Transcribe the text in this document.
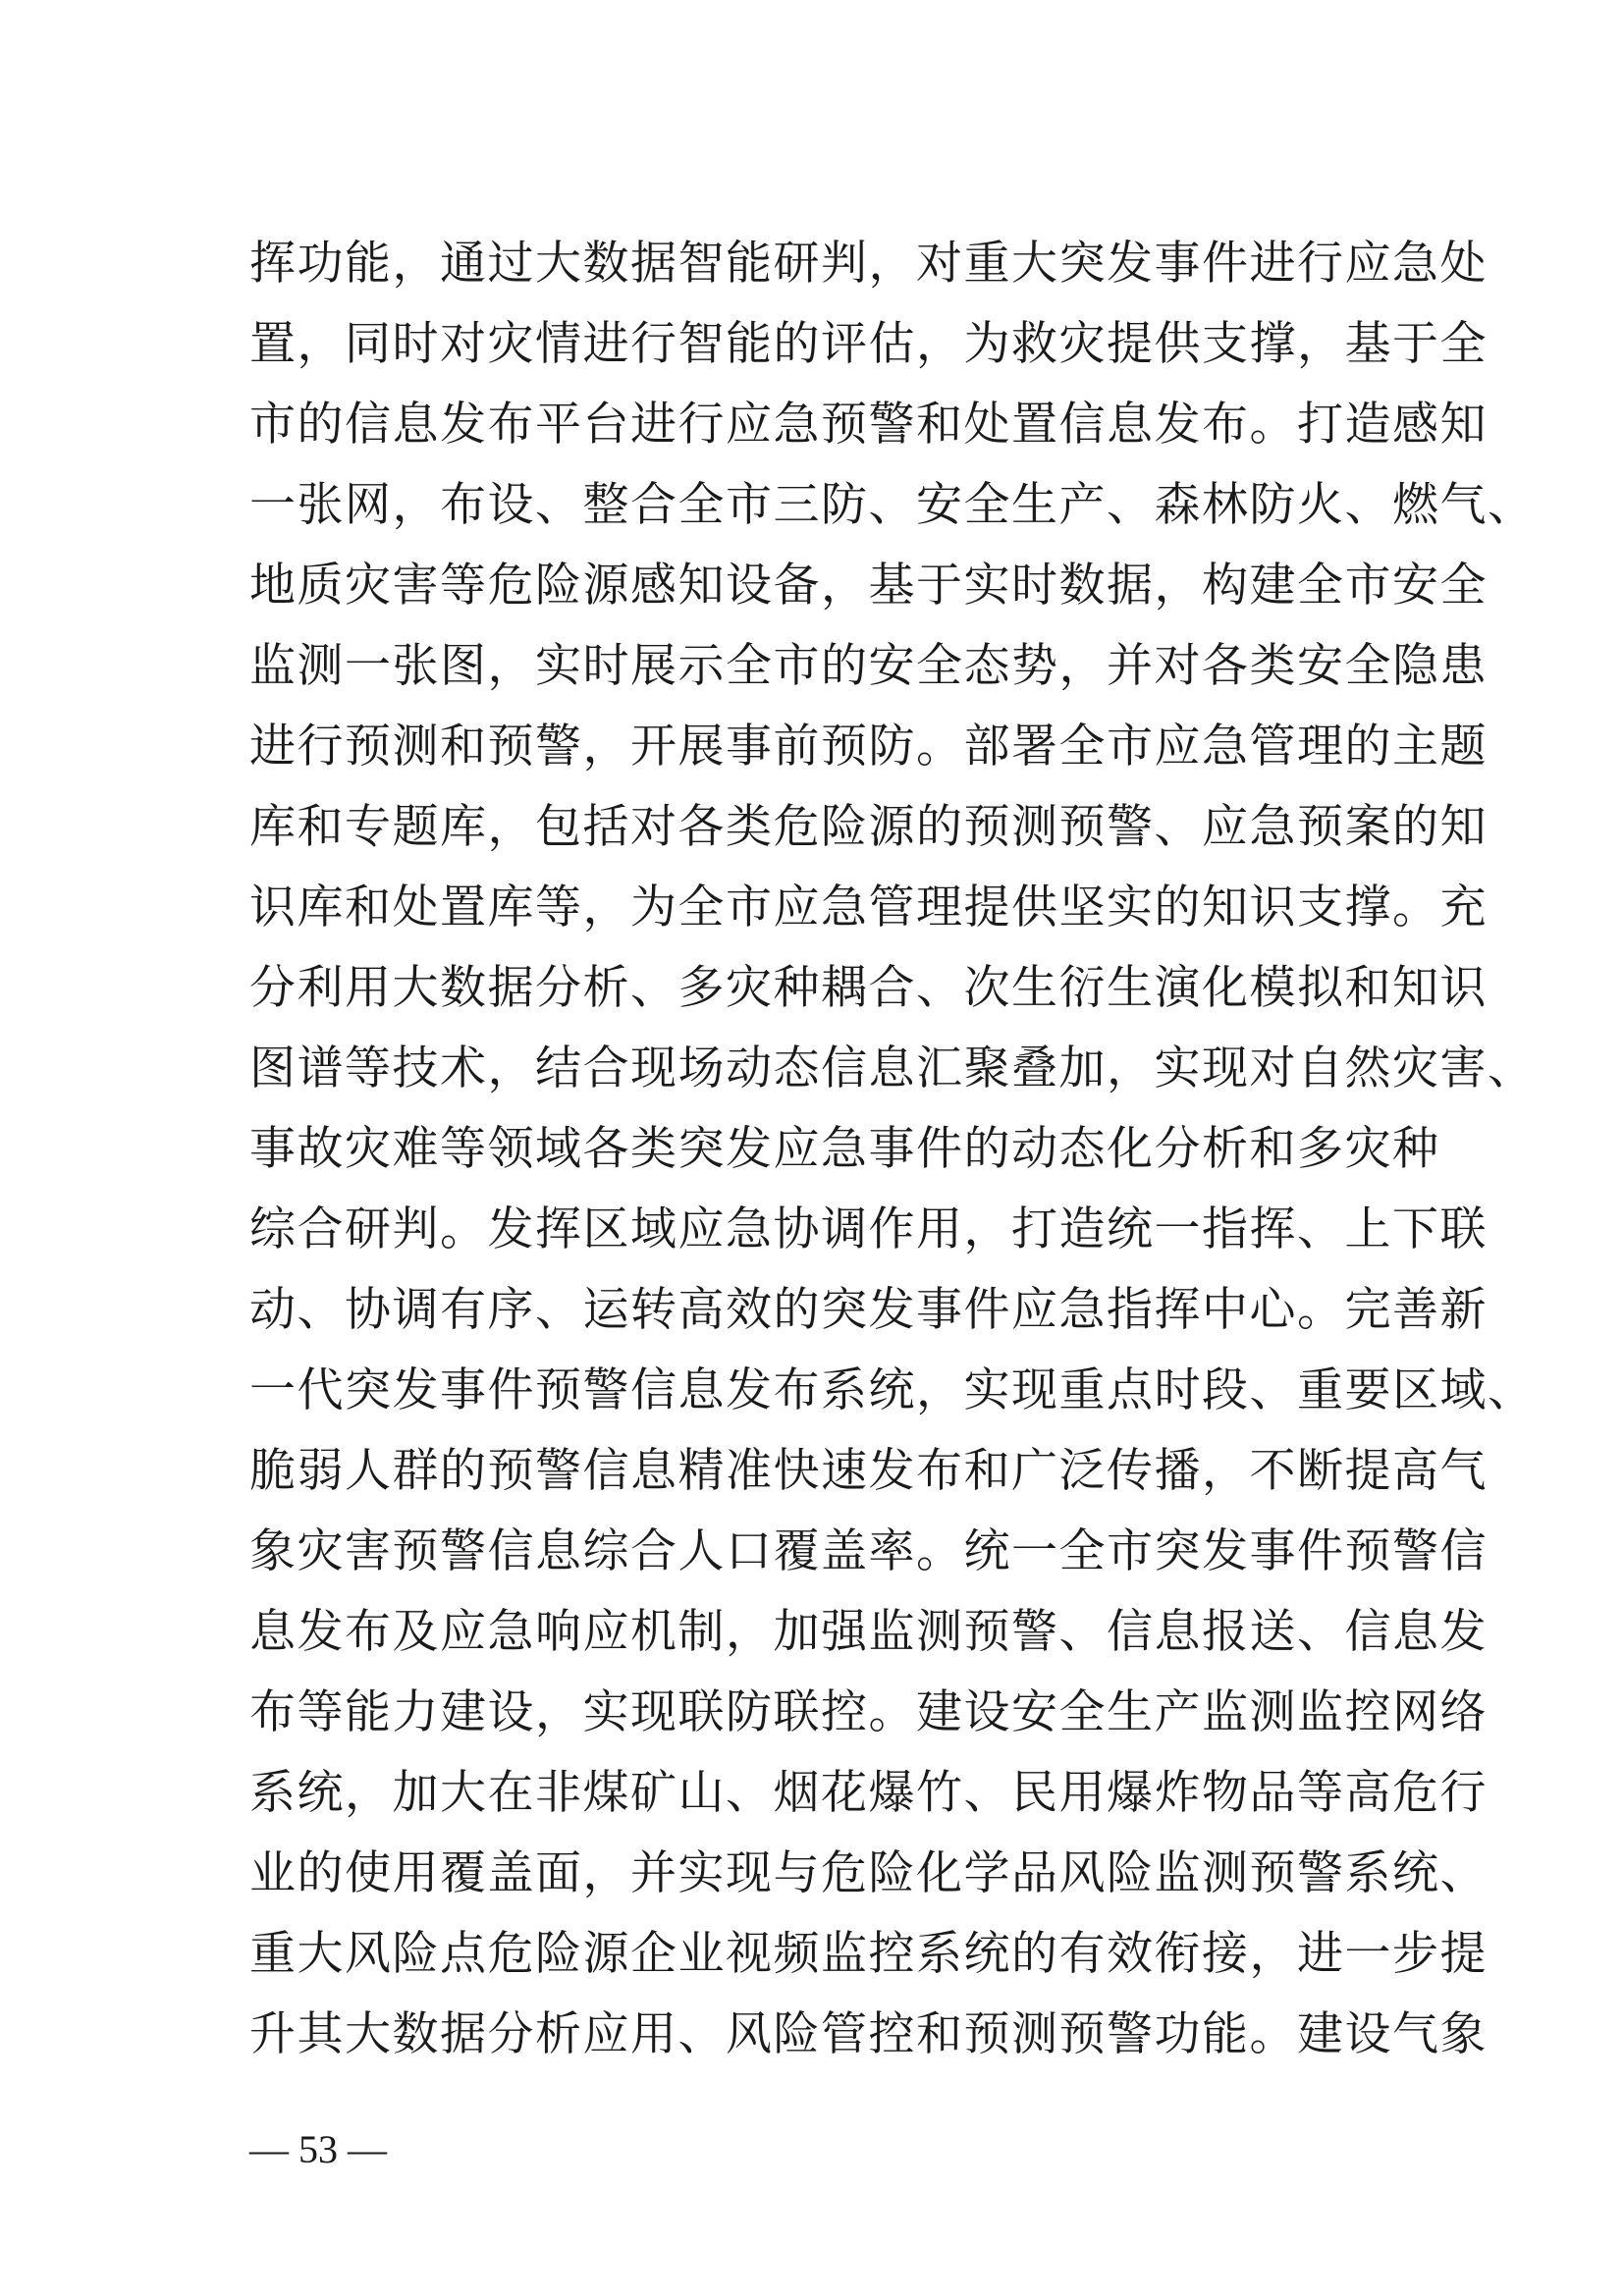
挥功能，通过大数据智能研判，对重大突发事件进行应急处
置，同时对灾情进行智能的评估，为救灾提供支撑，基于全
市的信息发布平台进行应急预警和处置信息发布。打造感知
一张网，布设、整合全市三防、安全生产、森林防火、燃气、
地质灾害等危险源感知设备，基于实时数据，构建全市安全
监测一张图，实时展示全市的安全态势，并对各类安全隐患
进行预测和预警，开展事前预防。部署全市应急管理的主题
库和专题库，包括对各类危险源的预测预警、应急预案的知
识库和处置库等，为全市应急管理提供坚实的知识支撑。充
分利用大数据分析、多灾种耦合、次生衍生演化模拟和知识
图谱等技术，结合现场动态信息汇聚叠加，实现对自然灾害、
事故灾难等领域各类突发应急事件的动态化分析和多灾种
综合研判。发挥区域应急协调作用，打造统一指挥、上下联
动、协调有序、运转高效的突发事件应急指挥中心。完善新
一代突发事件预警信息发布系统，实现重点时段、重要区域、
脆弱人群的预警信息精准快速发布和广泛传播，不断提高气
象灾害预警信息综合人口覆盖率。统一全市突发事件预警信
息发布及应急响应机制，加强监测预警、信息报送、信息发
布等能力建设，实现联防联控。建设安全生产监测监控网络
系统，加大在非煤矿山、烟花爆竹、民用爆炸物品等高危行
业的使用覆盖面，并实现与危险化学品风险监测预警系统、
重大风险点危险源企业视频监控系统的有效衔接，进一步提
升其大数据分析应用、风险管控和预测预警功能。建设气象
— 53 —
